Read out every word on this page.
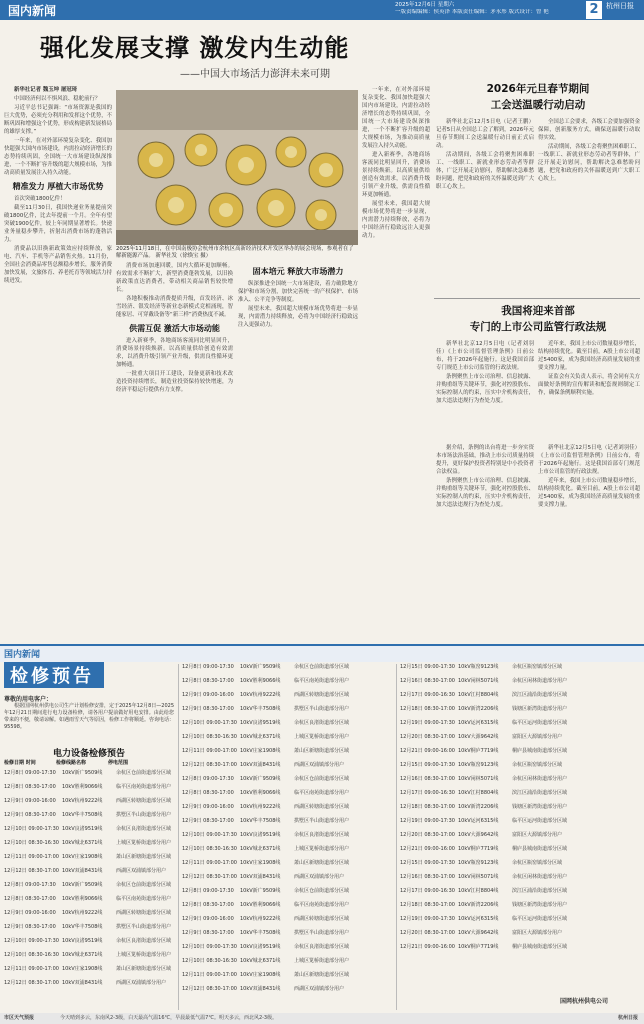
国内新闻	2025年12月6日 星期六
一版责编编辑：侯英泽 本版责任编辑：茅永彤 版式设计：曾 艳	2	杭州日报
强化发展支撑 激发内生动能
——中国大市场活力澎湃未来可期

新华社记者 魏玉坤 屠冠琦

中国经济何以不惧风浪、稳舵前行？

习近平总书记强调：“市场资源是我国的巨大优势，必须充分利用和发挥这个优势，不断巩固和增强这个优势，形成构建新发展格局的雄厚支撑。”

一年来，在对外部环境复杂变化、我国加快超强大国内市场建设，内需拉动经济增长的态势持续巩固，全国统一大市场建设纵深推进，一个不断扩容升级的超大规模市场，为推动高质量发展注入持久动能。

精准发力 厚植大市场优势

首次突破1800亿件！

截至11月30日，我国快递业务量提前突破1800亿件，比去年提前一个月。全年有望突破1900亿件，较上年同期显著增长。快递业务量稳步攀升，折射出消费市场的蓬勃活力。

消费品以旧换新政策效应持续释放，家电、汽车、手机等产品销售火热。11月份，全国社会消费品零售总额稳步增长，服务消费加快发展，文旅体育、养老托育等领域活力持续迸发。

2025年11月18日，在中国南极协会杭州市余杭区高新经济技术开发区举办的展会现场，参观者在了解新能源产品。 新华社发（徐焕宝 摄）

消费市场加速回暖，国内大循环更加顺畅。有效需求不断扩大，新型消费蓬勃发展，以旧换新政策直达消费者，带动相关商品销售较快增长。

各地积极推动消费提质升级，首发经济、冰雪经济、银发经济等新业态新模式竞相涌现，智能家居、可穿戴设备等“新三样”消费热度不减。

供需互促 激活大市场动能

进入新赛季，各地商场客流同比明显回升，消费场景持续焕新。以高质量供给创造有效需求，以消费升级引领产业升级，供需良性循环更加畅通。

一批重大项目开工建设，设备更新和技术改造投资持续增长，制造业投资保持较快增速，为经济平稳运行提供有力支撑。

固本培元 释放大市场潜力

纵深推进全国统一大市场建设，着力破除地方保护和市场分割，加快完善统一的产权保护、市场准入、公平竞争等制度。

展望未来，我国超大规模市场优势将进一步显现，内需潜力持续释放，必将为中国经济行稳致远注入更强动力。

一年来，在对外部环境复杂变化、我国加快超强大国内市场建设，内需拉动经济增长的态势持续巩固，全国统一大市场建设纵深推进，一个不断扩容升级的超大规模市场，为推动高质量发展注入持久动能。

进入新赛季，各地商场客流同比明显回升，消费场景持续焕新。以高质量供给创造有效需求，以消费升级引领产业升级，供需良性循环更加畅通。

展望未来，我国超大规模市场优势将进一步显现，内需潜力持续释放，必将为中国经济行稳致远注入更强动力。

2026年元旦春节期间
工会送温暖行动启动

新华社北京12月5日电（记者王鹏）记者5日从全国总工会了解到，2026年元旦春节期间工会送温暖行动日前正式启动。

活动期间，各级工会将聚焦困难职工、一线职工、新就业形态劳动者等群体，广泛开展走访慰问，帮助解决急难愁盼问题，把党和政府的关怀温暖送到广大职工心坎上。

全国总工会要求，各级工会要加强资金保障，创新服务方式，确保送温暖行动取得实效。

活动期间，各级工会将聚焦困难职工、一线职工、新就业形态劳动者等群体，广泛开展走访慰问，帮助解决急难愁盼问题，把党和政府的关怀温暖送到广大职工心坎上。

我国将迎来首部
专门的上市公司监管行政法规

新华社北京12月5日电（记者刘羽佳）《上市公司监督管理条例》日前公布，将于2026年起施行。这是我国首部专门规范上市公司监管的行政法规。

条例聚焦上市公司治理、信息披露、并购重组等关键环节，强化对控股股东、实际控制人的约束，压实中介机构责任，加大违法违规行为查处力度。

近年来，我国上市公司数量稳步增长，结构持续优化。截至目前，A股上市公司超过5400家，成为我国经济高质量发展的重要支撑力量。

证监会有关负责人表示，将会同有关方面做好条例的宣传解读和配套规则制定工作，确保条例顺利实施。

据介绍，条例的出台将进一步夯实资本市场法治基础，推动上市公司质量持续提升，更好保护投资者特别是中小投资者合法权益。

条例聚焦上市公司治理、信息披露、并购重组等关键环节，强化对控股股东、实际控制人的约束，压实中介机构责任，加大违法违规行为查处力度。

新华社北京12月5日电（记者刘羽佳）《上市公司监督管理条例》日前公布，将于2026年起施行。这是我国首部专门规范上市公司监管的行政法规。

近年来，我国上市公司数量稳步增长，结构持续优化。截至目前，A股上市公司超过5400家，成为我国经济高质量发展的重要支撑力量。

国内新闻
检修预告
尊敬的用电客户：

根据国网杭州供电公司生产计划检修安排，定于2025年12月8日—2025年12月21日期间进行电力设备检修，请各用户提前做好用电安排。由此给您带来的不便，敬请谅解。如遇雨雪天气等原因，检修工作将顺延。咨询电话：95598。

电力设备检修预告
检修日期 时间	检修线路名称	停电范围
12月8日 09:00-17:30 10kV新广9509线	余杭区仓前街道部分区域
12月8日 08:30-17:00 10kV胜利9066线	临平区南苑街道部分用户
12月9日 09:00-16:00 10kV杭州9222线	西湖区转塘街道部分区域
12月9日 08:30-17:00 10kV华丰7508线	拱墅区半山街道部分用户
12月10日 09:00-17:30 10kV良渚9519线	余杭区良渚街道部分区域
12月10日 08:30-16:30 10kV城北6371线	上城区笕桥街道部分用户
12月11日 09:00-17:00 10kV庄家1908线	萧山区新塘街道部分区域
12月12日 08:30-17:00 10kV双浦8431线	西湖区双浦镇部分用户
12月8日 09:00-17:30 10kV新广9509线	余杭区仓前街道部分区域
12月8日 08:30-17:00 10kV胜利9066线	临平区南苑街道部分用户
12月9日 09:00-16:00 10kV杭州9222线	西湖区转塘街道部分区域
12月9日 08:30-17:00 10kV华丰7508线	拱墅区半山街道部分用户
12月10日 09:00-17:30 10kV良渚9519线	余杭区良渚街道部分区域
12月10日 08:30-16:30 10kV城北6371线	上城区笕桥街道部分用户
12月11日 09:00-17:00 10kV庄家1908线	萧山区新塘街道部分区域
12月12日 08:30-17:00 10kV双浦8431线	西湖区双浦镇部分用户
12月8日 09:00-17:30 10kV新广9509线	余杭区仓前街道部分区域
12月8日 08:30-17:00 10kV胜利9066线	临平区南苑街道部分用户
12月9日 09:00-16:00 10kV杭州9222线	西湖区转塘街道部分区域
12月9日 08:30-17:00 10kV华丰7508线	拱墅区半山街道部分用户
12月10日 09:00-17:30 10kV良渚9519线	余杭区良渚街道部分区域
12月10日 08:30-16:30 10kV城北6371线	上城区笕桥街道部分用户
12月11日 09:00-17:00 10kV庄家1908线	萧山区新塘街道部分区域
12月12日 08:30-17:00 10kV双浦8431线	西湖区双浦镇部分用户
12月8日 09:00-17:30 10kV新广9509线	余杭区仓前街道部分区域
12月8日 08:30-17:00 10kV胜利9066线	临平区南苑街道部分用户
12月9日 09:00-16:00 10kV杭州9222线	西湖区转塘街道部分区域
12月9日 08:30-17:00 10kV华丰7508线	拱墅区半山街道部分用户
12月10日 09:00-17:30 10kV良渚9519线	余杭区良渚街道部分区域
12月10日 08:30-16:30 10kV城北6371线	上城区笕桥街道部分用户
12月11日 09:00-17:00 10kV庄家1908线	萧山区新塘街道部分区域
12月12日 08:30-17:00 10kV双浦8431线	西湖区双浦镇部分用户
12月8日 09:00-17:30 10kV新广9509线	余杭区仓前街道部分区域
12月8日 08:30-17:00 10kV胜利9066线	临平区南苑街道部分用户
12月9日 09:00-16:00 10kV杭州9222线	西湖区转塘街道部分区域
12月9日 08:30-17:00 10kV华丰7508线	拱墅区半山街道部分用户
12月10日 09:00-17:30 10kV良渚9519线	余杭区良渚街道部分区域
12月10日 08:30-16:30 10kV城北6371线	上城区笕桥街道部分用户
12月11日 09:00-17:00 10kV庄家1908线	萧山区新塘街道部分区域
12月12日 08:30-17:00 10kV双浦8431线	西湖区双浦镇部分用户
12月15日 09:00-17:30 10kV瓶窑9123线	余杭区瓶窑镇部分区域
12月16日 08:30-17:00 10kV闲林5071线	余杭区闲林街道部分用户
12月17日 09:00-16:30 10kV江村8804线	滨江区浦沿街道部分区域
12月18日 08:30-17:00 10kV新湾2206线	钱塘区新湾街道部分用户
12月19日 09:00-17:30 10kV运河6315线	临平区运河街道部分区域
12月20日 08:30-17:00 10kV大源9642线	富阳区大源镇部分用户
12月21日 09:00-16:00 10kV桐庐7719线	桐庐县城南街道部分区域
12月15日 09:00-17:30 10kV瓶窑9123线	余杭区瓶窑镇部分区域
12月16日 08:30-17:00 10kV闲林5071线	余杭区闲林街道部分用户
12月17日 09:00-16:30 10kV江村8804线	滨江区浦沿街道部分区域
12月18日 08:30-17:00 10kV新湾2206线	钱塘区新湾街道部分用户
12月19日 09:00-17:30 10kV运河6315线	临平区运河街道部分区域
12月20日 08:30-17:00 10kV大源9642线	富阳区大源镇部分用户
12月21日 09:00-16:00 10kV桐庐7719线	桐庐县城南街道部分区域
12月15日 09:00-17:30 10kV瓶窑9123线	余杭区瓶窑镇部分区域
12月16日 08:30-17:00 10kV闲林5071线	余杭区闲林街道部分用户
12月17日 09:00-16:30 10kV江村8804线	滨江区浦沿街道部分区域
12月18日 08:30-17:00 10kV新湾2206线	钱塘区新湾街道部分用户
12月19日 09:00-17:30 10kV运河6315线	临平区运河街道部分区域
12月20日 08:30-17:00 10kV大源9642线	富阳区大源镇部分用户
12月21日 09:00-16:00 10kV桐庐7719线	桐庐县城南街道部分区域
国网杭州供电公司
市区天气预报	今天晴到多云，东南风2-3级，白天最高气温16℃，早晨最低气温7℃。明天多云，西北风2-3级。	杭州日报
